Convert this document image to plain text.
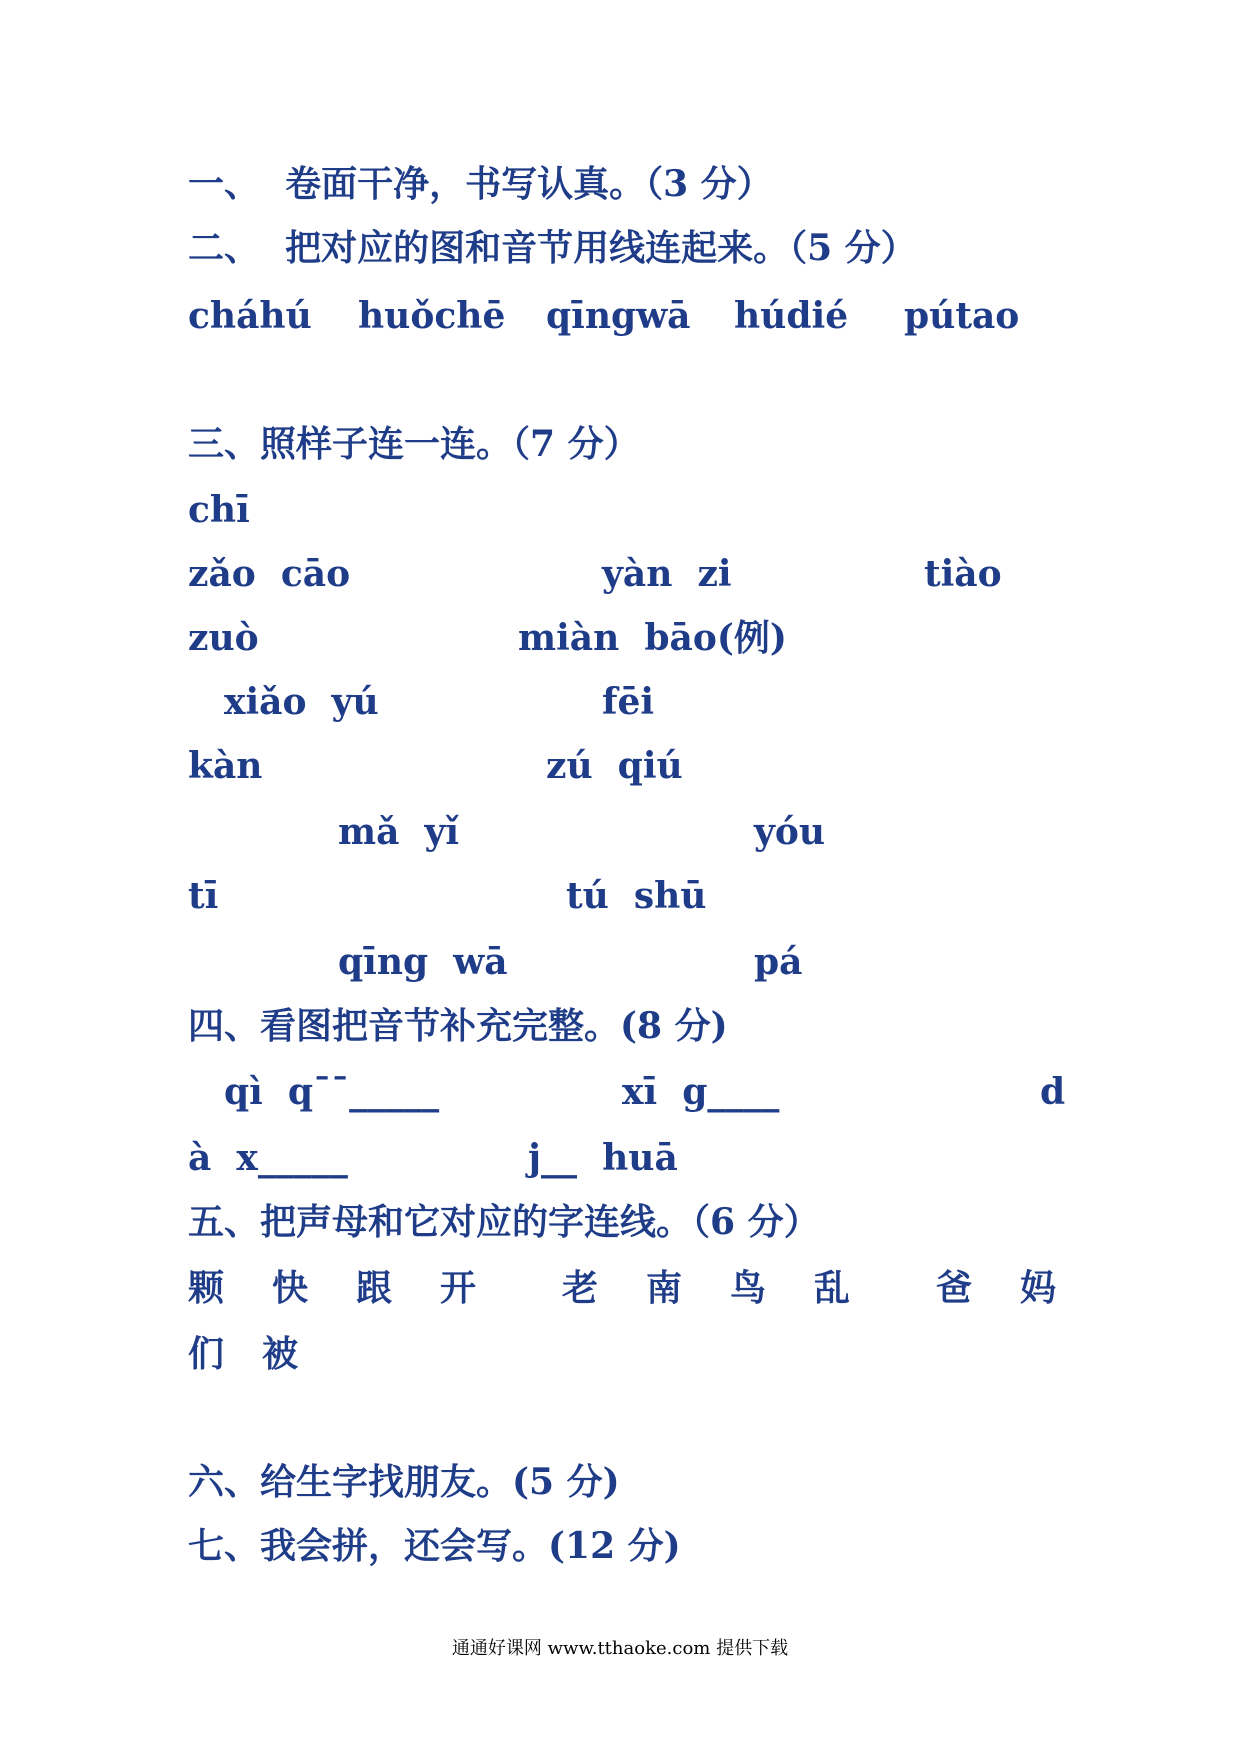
一、  卷面干净，书写认真。（3 分）
二、  把对应的图和音节用线连起来。（5 分）
cháhú huǒchē qīngwā húdié pútao
三、照样子连一连。（7 分）
chī
zǎo  cāo	yàn  zi	tiào
zuò	miàn  bāo(例)
xiǎo  yú	fēi
kàn	zú  qiú
mǎ  yǐ	yóu
tī	tú  shū
qīng  wā	pá
四、看图把音节补充完整。(8 分)
qì  q¯¯_____	xī  g____	d
à  x_____	j__  huā
五、把声母和它对应的字连线。（6 分）
颗 快 跟 开 老 南 鸟 乱 爸 妈
们 被
六、给生字找朋友。(5 分)
七、我会拼，还会写。(12 分)
通通好课网 www.tthaoke.com 提供下载
